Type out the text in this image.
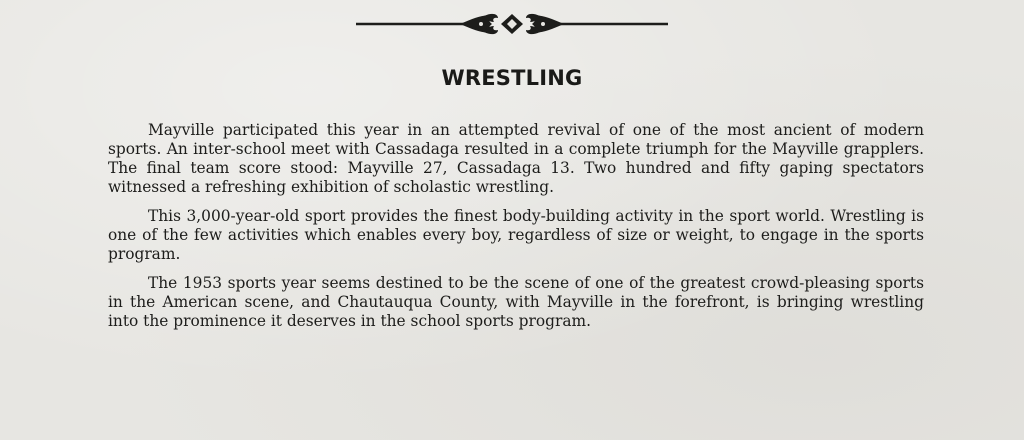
WRESTLING

Mayville participated this year in an attempted revival of one of the most ancient of modern sports. An inter-school meet with Cassadaga resulted in a complete triumph for the Mayville grapplers. The final team score stood: Mayville 27, Cassadaga 13. Two hundred and fifty gaping spectators witnessed a refreshing exhibition of scholastic wrestling.

This 3,000-year-old sport provides the finest body-building activity in the sport world. Wrestling is one of the few activities which enables every boy, regardless of size or weight, to engage in the sports program.

The 1953 sports year seems destined to be the scene of one of the greatest crowd-pleasing sports in the American scene, and Chautauqua County, with Mayville in the forefront, is bringing wrestling into the prominence it deserves in the school sports program.
